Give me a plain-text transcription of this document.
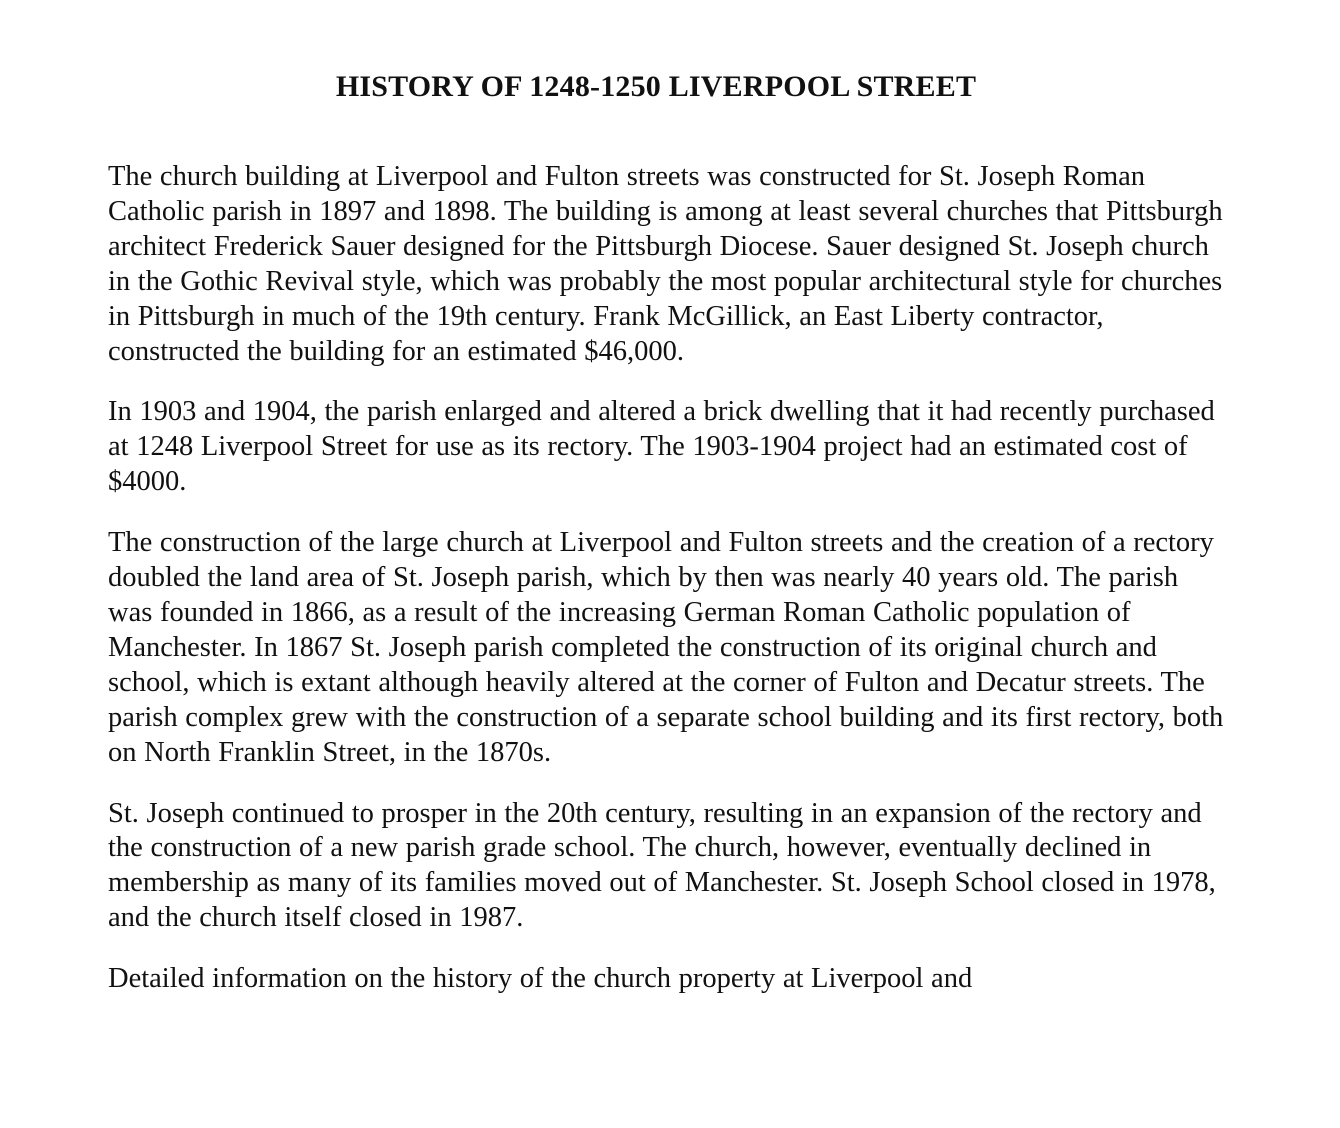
HISTORY OF 1248-1250 LIVERPOOL STREET

The church building at Liverpool and Fulton streets was constructed for St. Joseph Roman Catholic parish in 1897 and 1898. The building is among at least several churches that Pittsburgh architect Frederick Sauer designed for the Pittsburgh Diocese. Sauer designed St. Joseph church in the Gothic Revival style, which was probably the most popular architectural style for churches in Pittsburgh in much of the 19th century. Frank McGillick, an East Liberty contractor, constructed the building for an estimated $46,000.

In 1903 and 1904, the parish enlarged and altered a brick dwelling that it had recently purchased at 1248 Liverpool Street for use as its rectory. The 1903-1904 project had an estimated cost of $4000.

The construction of the large church at Liverpool and Fulton streets and the creation of a rectory doubled the land area of St. Joseph parish, which by then was nearly 40 years old. The parish was founded in 1866, as a result of the increasing German Roman Catholic population of Manchester. In 1867 St. Joseph parish completed the construction of its original church and school, which is extant although heavily altered at the corner of Fulton and Decatur streets. The parish complex grew with the construction of a separate school building and its first rectory, both on North Franklin Street, in the 1870s.

St. Joseph continued to prosper in the 20th century, resulting in an expansion of the rectory and the construction of a new parish grade school. The church, however, eventually declined in membership as many of its families moved out of Manchester. St. Joseph School closed in 1978, and the church itself closed in 1987.

Detailed information on the history of the church property at Liverpool and
